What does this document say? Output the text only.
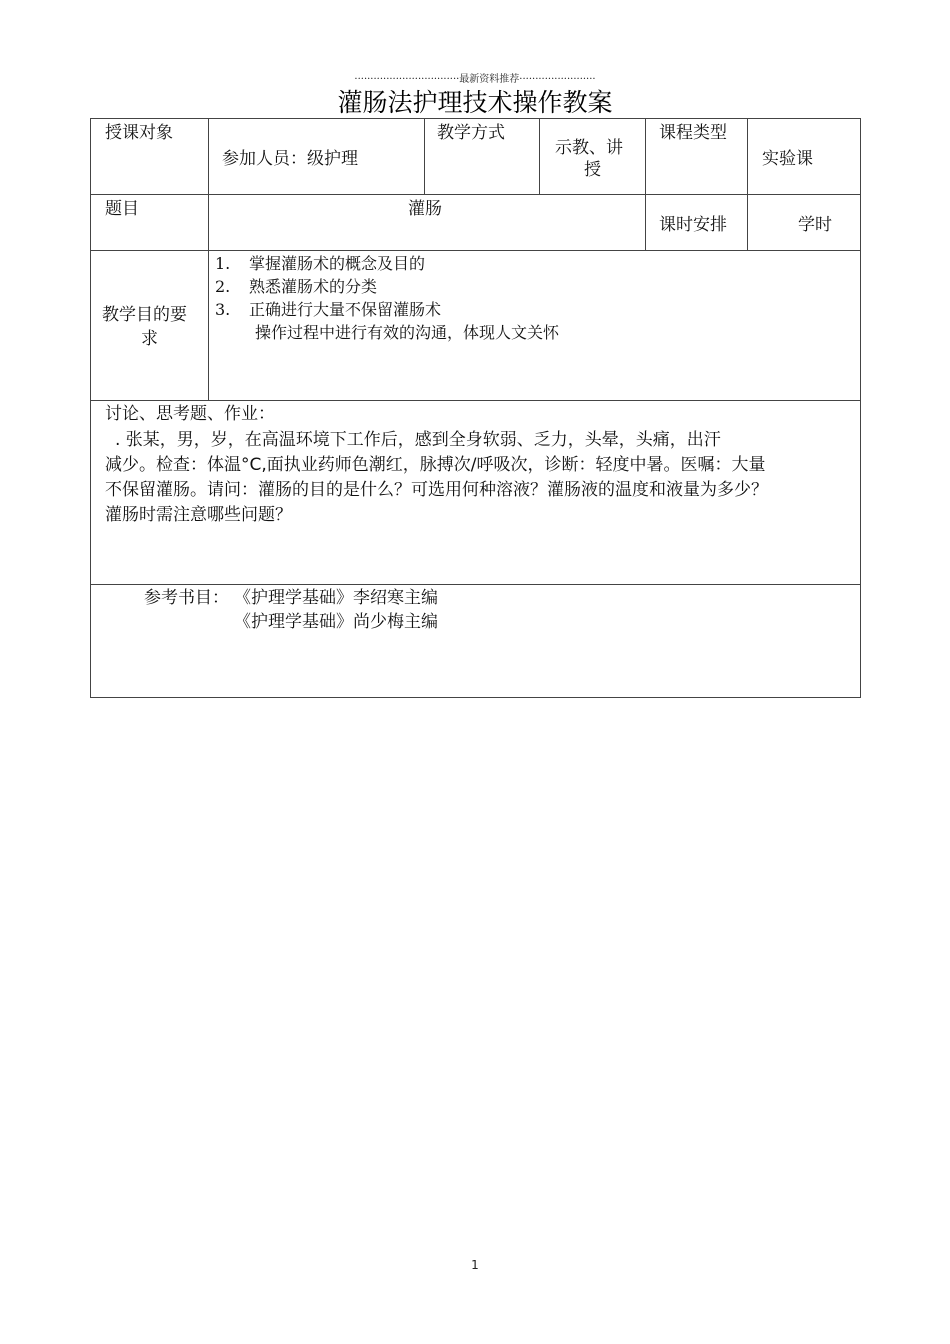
·································最新资料推荐························
灌肠法护理技术操作教案
授课对象
参加人员：级护理
教学方式
示教、讲
授
课程类型
实验课
题目	灌肠
课时安排	学时
教学目的要
求
1. 掌握灌肠术的概念及目的
2. 熟悉灌肠术的分类
3. 正确进行大量不保留灌肠术
操作过程中进行有效的沟通，体现人文关怀
讨论、思考题、作业：
. 张某，男，岁，在高温环境下工作后，感到全身软弱、乏力，头晕，头痛，出汗
减少。检查：体温°C,面执业药师色潮红，脉搏次/呼吸次，诊断：轻度中暑。医嘱：大量
不保留灌肠。请问：灌肠的目的是什么？可选用何种溶液？灌肠液的温度和液量为多少？
灌肠时需注意哪些问题？
参考书目： 《护理学基础》李绍寒主编
《护理学基础》尚少梅主编
1
